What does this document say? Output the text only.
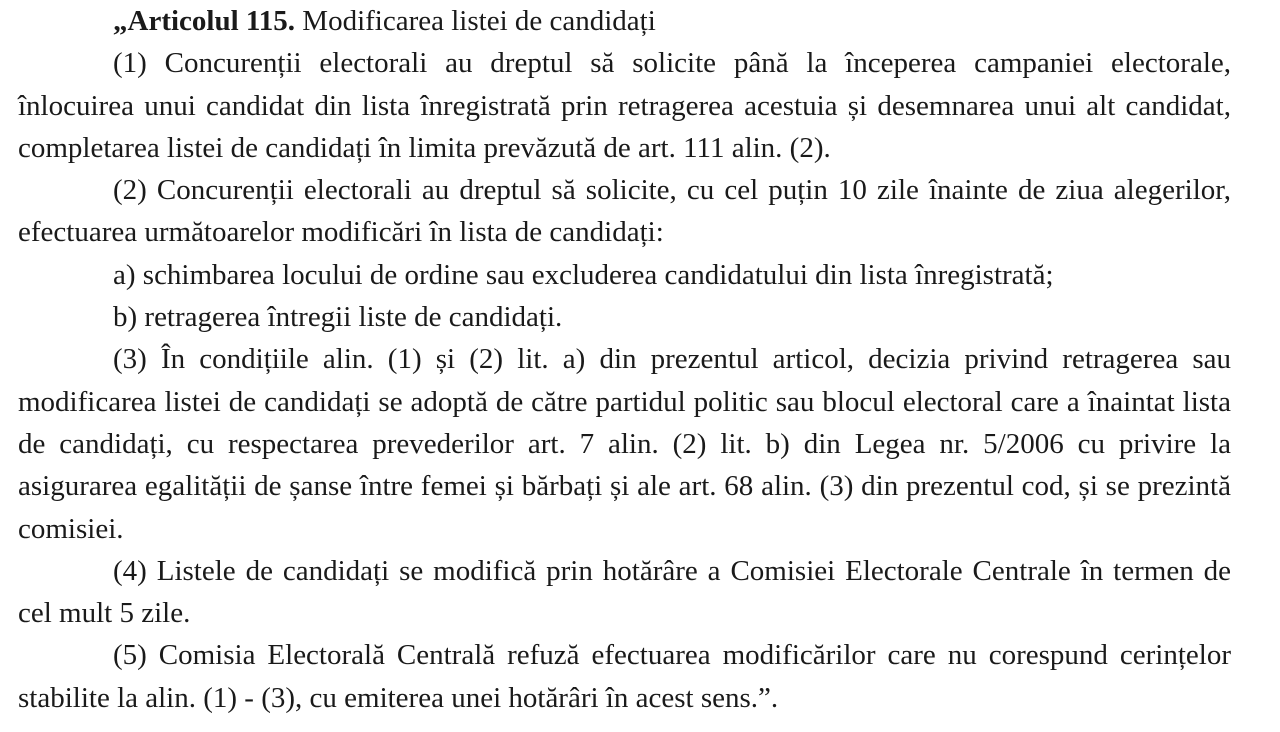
„Articolul 115. Modificarea listei de candidați

(1) Concurenții electorali au dreptul să solicite până la începerea campaniei electorale, înlocuirea unui candidat din lista înregistrată prin retragerea acestuia și desemnarea unui alt candidat, completarea listei de candidați în limita prevăzută de art. 111 alin. (2).

(2) Concurenții electorali au dreptul să solicite, cu cel puțin 10 zile înainte de ziua alegerilor, efectuarea următoarelor modificări în lista de candidați:

a) schimbarea locului de ordine sau excluderea candidatului din lista înregistrată;

b) retragerea întregii liste de candidați.

(3) În condițiile alin. (1) și (2) lit. a) din prezentul articol, decizia privind retragerea sau modificarea listei de candidați se adoptă de către partidul politic sau blocul electoral care a înaintat lista de candidați, cu respectarea prevederilor art. 7 alin. (2) lit. b) din Legea nr. 5/2006 cu privire la asigurarea egalității de șanse între femei și bărbați și ale art. 68 alin. (3) din prezentul cod, și se prezintă comisiei.

(4) Listele de candidați se modifică prin hotărâre a Comisiei Electorale Centrale în termen de cel mult 5 zile.

(5) Comisia Electorală Centrală refuză efectuarea modificărilor care nu corespund cerințelor stabilite la alin. (1) - (3), cu emiterea unei hotărâri în acest sens.”.
